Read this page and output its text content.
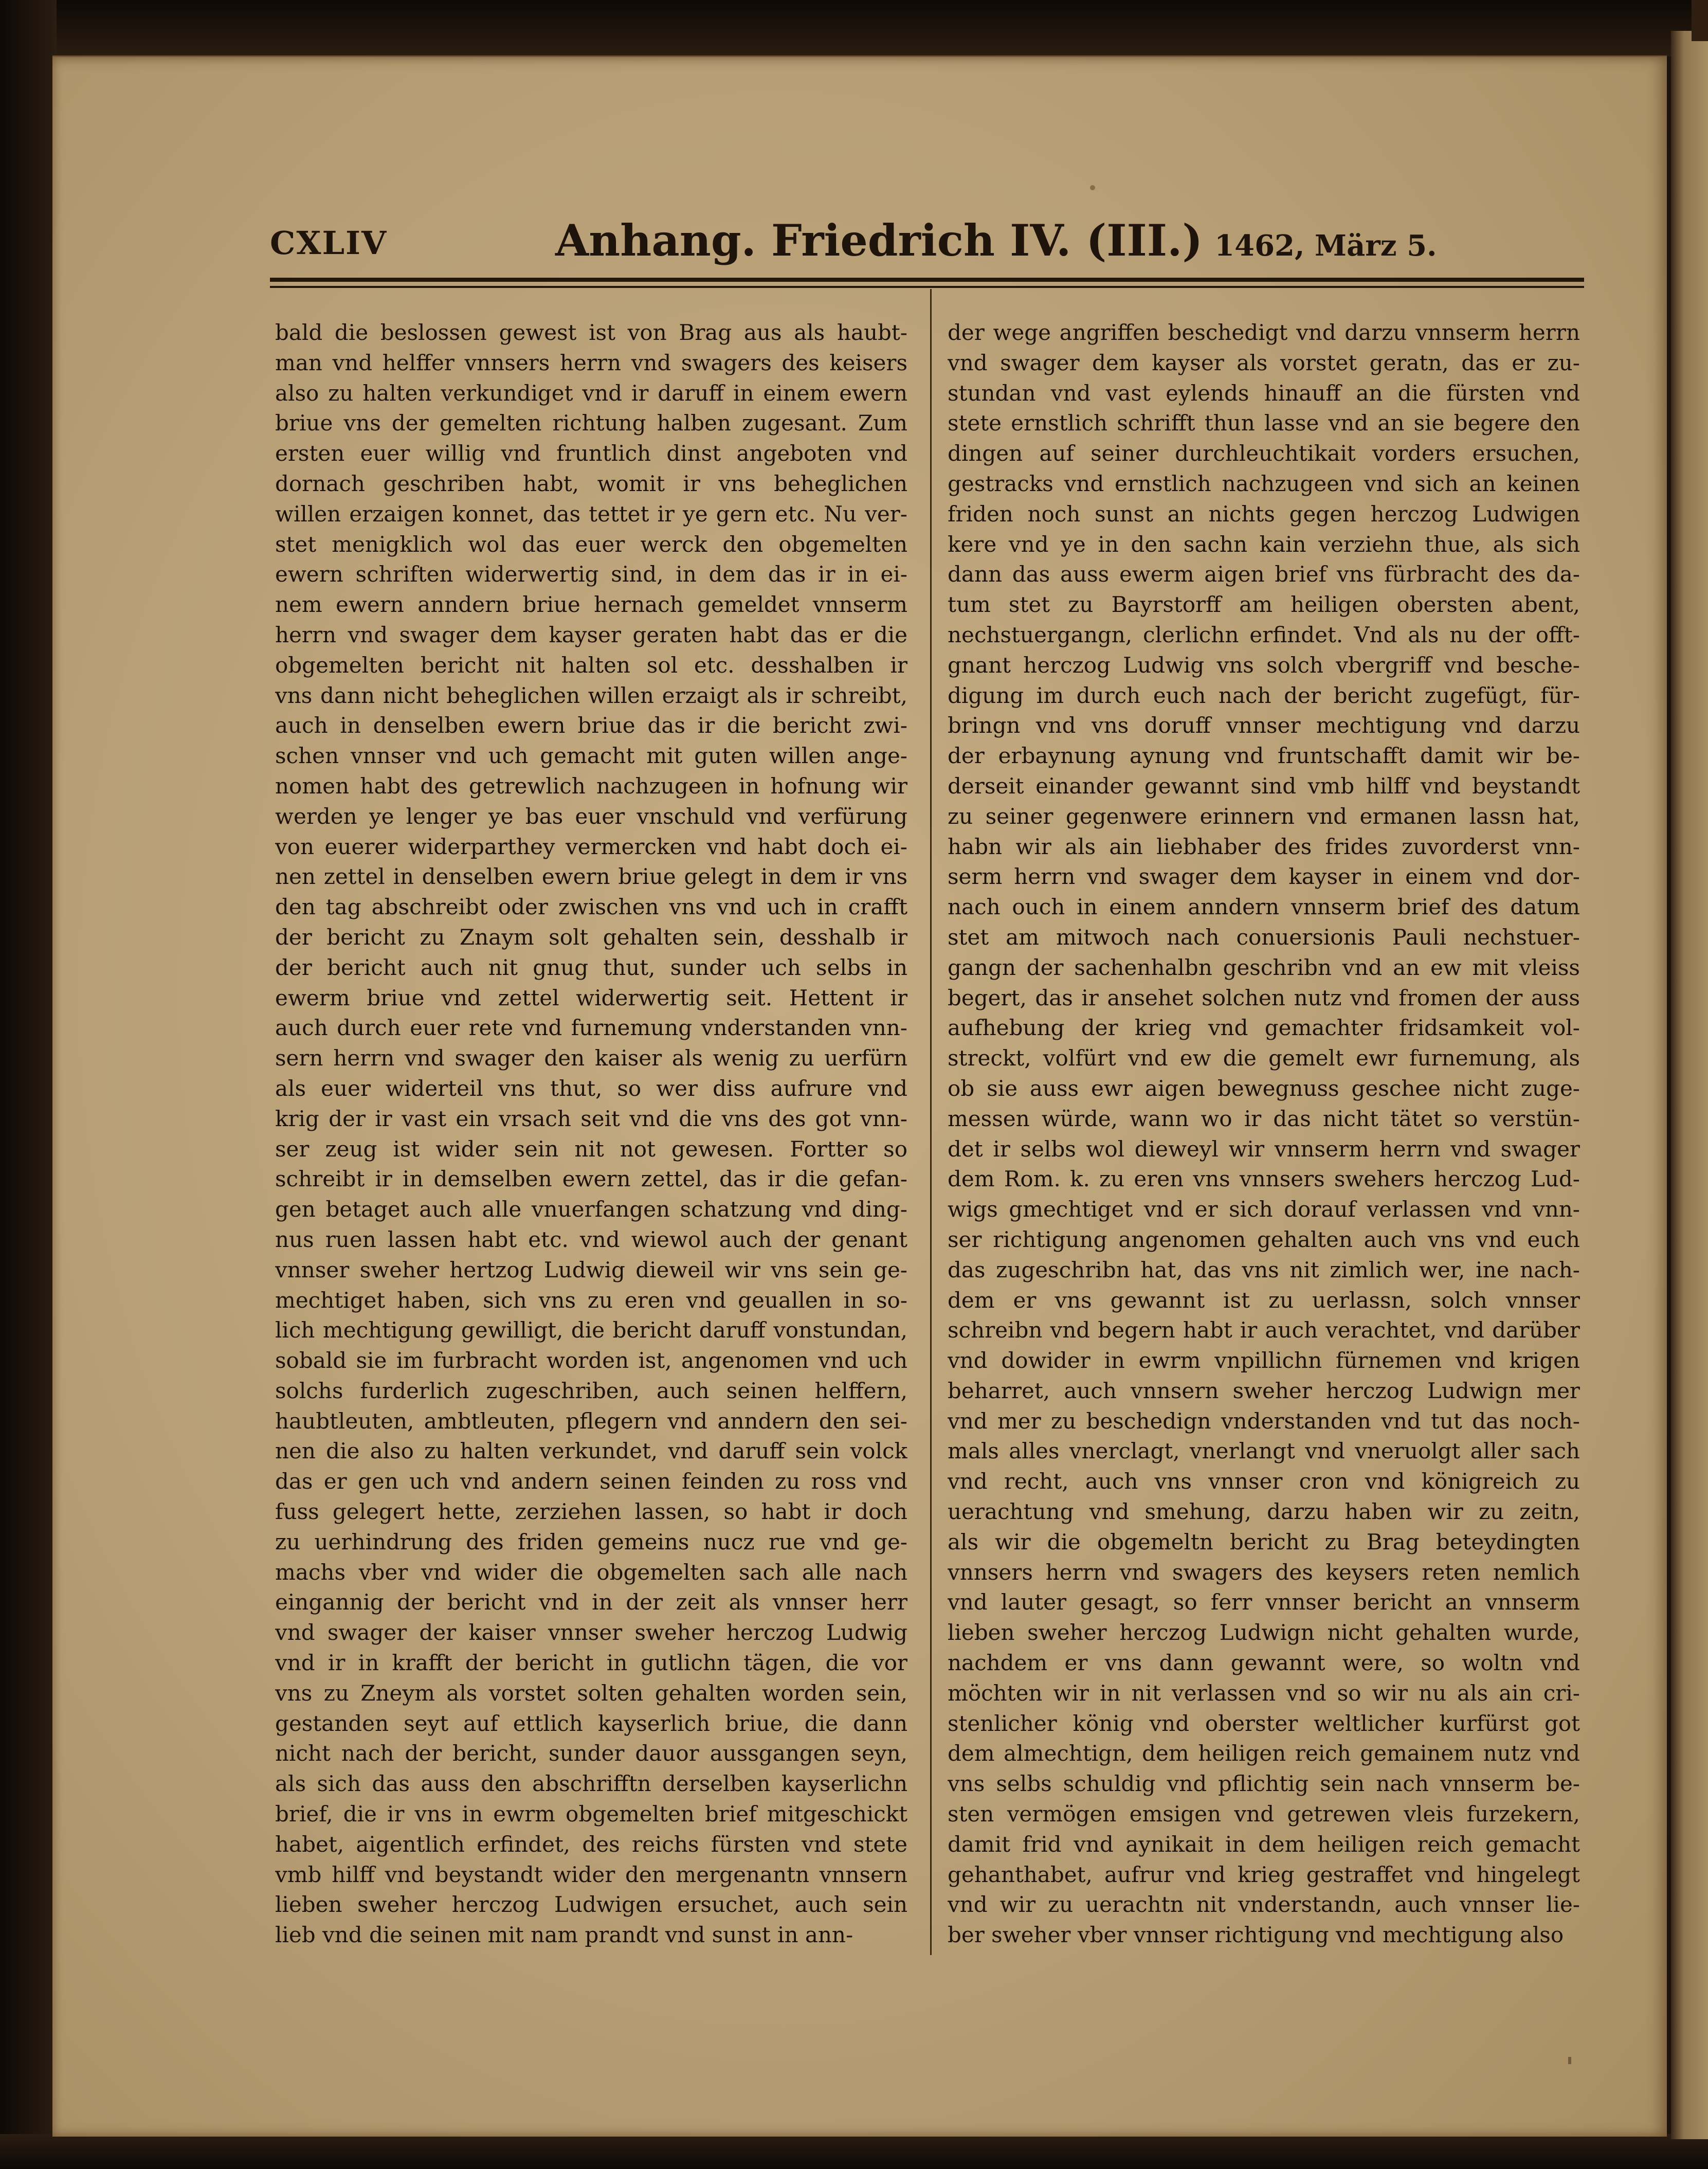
CXLIV	Anhang. Friedrich IV. (III.) 1462, März 5.
bald die beslossen gewest ist von Brag aus als haubt-
man vnd helffer vnnsers herrn vnd swagers des keisers
also zu halten verkundiget vnd ir daruff in einem ewern
briue vns der gemelten richtung halben zugesant. Zum
ersten euer willig vnd fruntlich dinst angeboten vnd
dornach geschriben habt, womit ir vns beheglichen
willen erzaigen konnet, das tettet ir ye gern etc. Nu ver-
stet menigklich wol das euer werck den obgemelten
ewern schriften widerwertig sind, in dem das ir in ei-
nem ewern anndern briue hernach gemeldet vnnserm
herrn vnd swager dem kayser geraten habt das er die
obgemelten bericht nit halten sol etc. desshalben ir
vns dann nicht beheglichen willen erzaigt als ir schreibt,
auch in denselben ewern briue das ir die bericht zwi-
schen vnnser vnd uch gemacht mit guten willen ange-
nomen habt des getrewlich nachzugeen in hofnung wir
werden ye lenger ye bas euer vnschuld vnd verfürung
von euerer widerparthey vermercken vnd habt doch ei-
nen zettel in denselben ewern briue gelegt in dem ir vns
den tag abschreibt oder zwischen vns vnd uch in crafft
der bericht zu Znaym solt gehalten sein, desshalb ir
der bericht auch nit gnug thut, sunder uch selbs in
ewerm briue vnd zettel widerwertig seit. Hettent ir
auch durch euer rete vnd furnemung vnderstanden vnn-
sern herrn vnd swager den kaiser als wenig zu uerfürn
als euer widerteil vns thut, so wer diss aufrure vnd
krig der ir vast ein vrsach seit vnd die vns des got vnn-
ser zeug ist wider sein nit not gewesen. Fortter so
schreibt ir in demselben ewern zettel, das ir die gefan-
gen betaget auch alle vnuerfangen schatzung vnd ding-
nus ruen lassen habt etc. vnd wiewol auch der genant
vnnser sweher hertzog Ludwig dieweil wir vns sein ge-
mechtiget haben, sich vns zu eren vnd geuallen in so-
lich mechtigung gewilligt, die bericht daruff vonstundan,
sobald sie im furbracht worden ist, angenomen vnd uch
solchs furderlich zugeschriben, auch seinen helffern,
haubtleuten, ambtleuten, pflegern vnd anndern den sei-
nen die also zu halten verkundet, vnd daruff sein volck
das er gen uch vnd andern seinen feinden zu ross vnd
fuss gelegert hette, zerziehen lassen, so habt ir doch
zu uerhindrung des friden gemeins nucz rue vnd ge-
machs vber vnd wider die obgemelten sach alle nach
eingannig der bericht vnd in der zeit als vnnser herr
vnd swager der kaiser vnnser sweher herczog Ludwig
vnd ir in krafft der bericht in gutlichn tägen, die vor
vns zu Zneym als vorstet solten gehalten worden sein,
gestanden seyt auf ettlich kayserlich briue, die dann
nicht nach der bericht, sunder dauor aussgangen seyn,
als sich das auss den abschrifftn derselben kayserlichn
brief, die ir vns in ewrm obgemelten brief mitgeschickt
habet, aigentlich erfindet, des reichs fürsten vnd stete
vmb hilff vnd beystandt wider den mergenantn vnnsern
lieben sweher herczog Ludwigen ersuchet, auch sein
lieb vnd die seinen mit nam prandt vnd sunst in ann-
der wege angriffen beschedigt vnd darzu vnnserm herrn
vnd swager dem kayser als vorstet geratn, das er zu-
stundan vnd vast eylends hinauff an die fürsten vnd
stete ernstlich schrifft thun lasse vnd an sie begere den
dingen auf seiner durchleuchtikait vorders ersuchen,
gestracks vnd ernstlich nachzugeen vnd sich an keinen
friden noch sunst an nichts gegen herczog Ludwigen
kere vnd ye in den sachn kain verziehn thue, als sich
dann das auss ewerm aigen brief vns fürbracht des da-
tum stet zu Bayrstorff am heiligen obersten abent,
nechstuergangn, clerlichn erfindet. Vnd als nu der offt-
gnant herczog Ludwig vns solch vbergriff vnd besche-
digung im durch euch nach der bericht zugefügt, für-
bringn vnd vns doruff vnnser mechtigung vnd darzu
der erbaynung aynung vnd fruntschafft damit wir be-
derseit einander gewannt sind vmb hilff vnd beystandt
zu seiner gegenwere erinnern vnd ermanen lassn hat,
habn wir als ain liebhaber des frides zuvorderst vnn-
serm herrn vnd swager dem kayser in einem vnd dor-
nach ouch in einem anndern vnnserm brief des datum
stet am mitwoch nach conuersionis Pauli nechstuer-
gangn der sachenhalbn geschribn vnd an ew mit vleiss
begert, das ir ansehet solchen nutz vnd fromen der auss
aufhebung der krieg vnd gemachter fridsamkeit vol-
streckt, volfürt vnd ew die gemelt ewr furnemung, als
ob sie auss ewr aigen bewegnuss geschee nicht zuge-
messen würde, wann wo ir das nicht tätet so verstün-
det ir selbs wol dieweyl wir vnnserm herrn vnd swager
dem Rom. k. zu eren vns vnnsers swehers herczog Lud-
wigs gmechtiget vnd er sich dorauf verlassen vnd vnn-
ser richtigung angenomen gehalten auch vns vnd euch
das zugeschribn hat, das vns nit zimlich wer, ine nach-
dem er vns gewannt ist zu uerlassn, solch vnnser
schreibn vnd begern habt ir auch verachtet, vnd darüber
vnd dowider in ewrm vnpillichn fürnemen vnd krigen
beharret, auch vnnsern sweher herczog Ludwign mer
vnd mer zu beschedign vnderstanden vnd tut das noch-
mals alles vnerclagt, vnerlangt vnd vneruolgt aller sach
vnd recht, auch vns vnnser cron vnd königreich zu
uerachtung vnd smehung, darzu haben wir zu zeitn,
als wir die obgemeltn bericht zu Brag beteydingten
vnnsers herrn vnd swagers des keysers reten nemlich
vnd lauter gesagt, so ferr vnnser bericht an vnnserm
lieben sweher herczog Ludwign nicht gehalten wurde,
nachdem er vns dann gewannt were, so woltn vnd
möchten wir in nit verlassen vnd so wir nu als ain cri-
stenlicher könig vnd oberster weltlicher kurfürst got
dem almechtign, dem heiligen reich gemainem nutz vnd
vns selbs schuldig vnd pflichtig sein nach vnnserm be-
sten vermögen emsigen vnd getrewen vleis furzekern,
damit frid vnd aynikait in dem heiligen reich gemacht
gehanthabet, aufrur vnd krieg gestraffet vnd hingelegt
vnd wir zu uerachtn nit vnderstandn, auch vnnser lie-
ber sweher vber vnnser richtigung vnd mechtigung also
